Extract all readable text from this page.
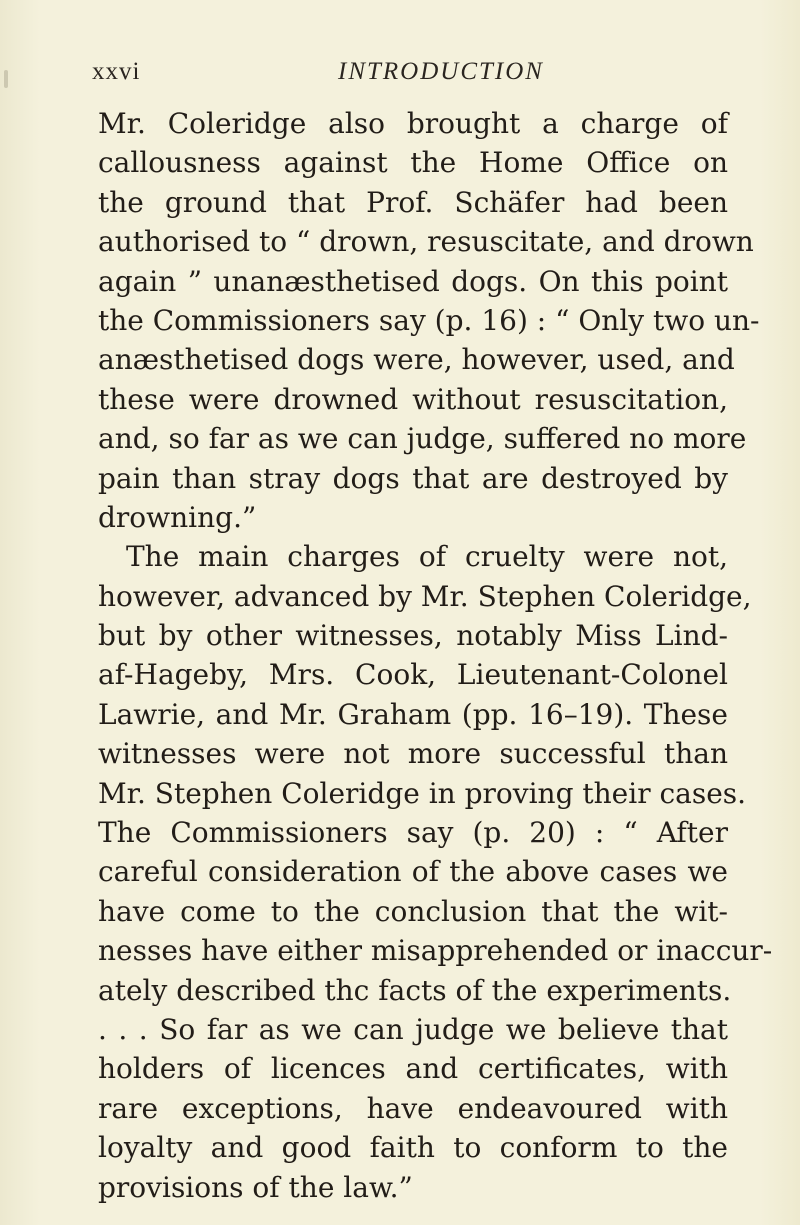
xxvi	INTRODUCTION
Mr. Coleridge also brought a charge of
callousness against the Home Office on
the ground that Prof. Schäfer had been
authorised to “ drown, resuscitate, and drown
again ” unanæsthetised dogs. On this point
the Commissioners say (p. 16) : “ Only two un-
anæsthetised dogs were, however, used, and
these were drowned without resuscitation,
and, so far as we can judge, suffered no more
pain than stray dogs that are destroyed by
drowning.”
The main charges of cruelty were not,
however, advanced by Mr. Stephen Coleridge,
but by other witnesses, notably Miss Lind-
af-Hageby, Mrs. Cook, Lieutenant-Colonel
Lawrie, and Mr. Graham (pp. 16–19). These
witnesses were not more successful than
Mr. Stephen Coleridge in proving their cases.
The Commissioners say (p. 20) : “ After
careful consideration of the above cases we
have come to the conclusion that the wit-
nesses have either misapprehended or inaccur-
ately described thc facts of the experiments.
. . . So far as we can judge we believe that
holders of licences and certificates, with
rare exceptions, have endeavoured with
loyalty and good faith to conform to the
provisions of the law.”
